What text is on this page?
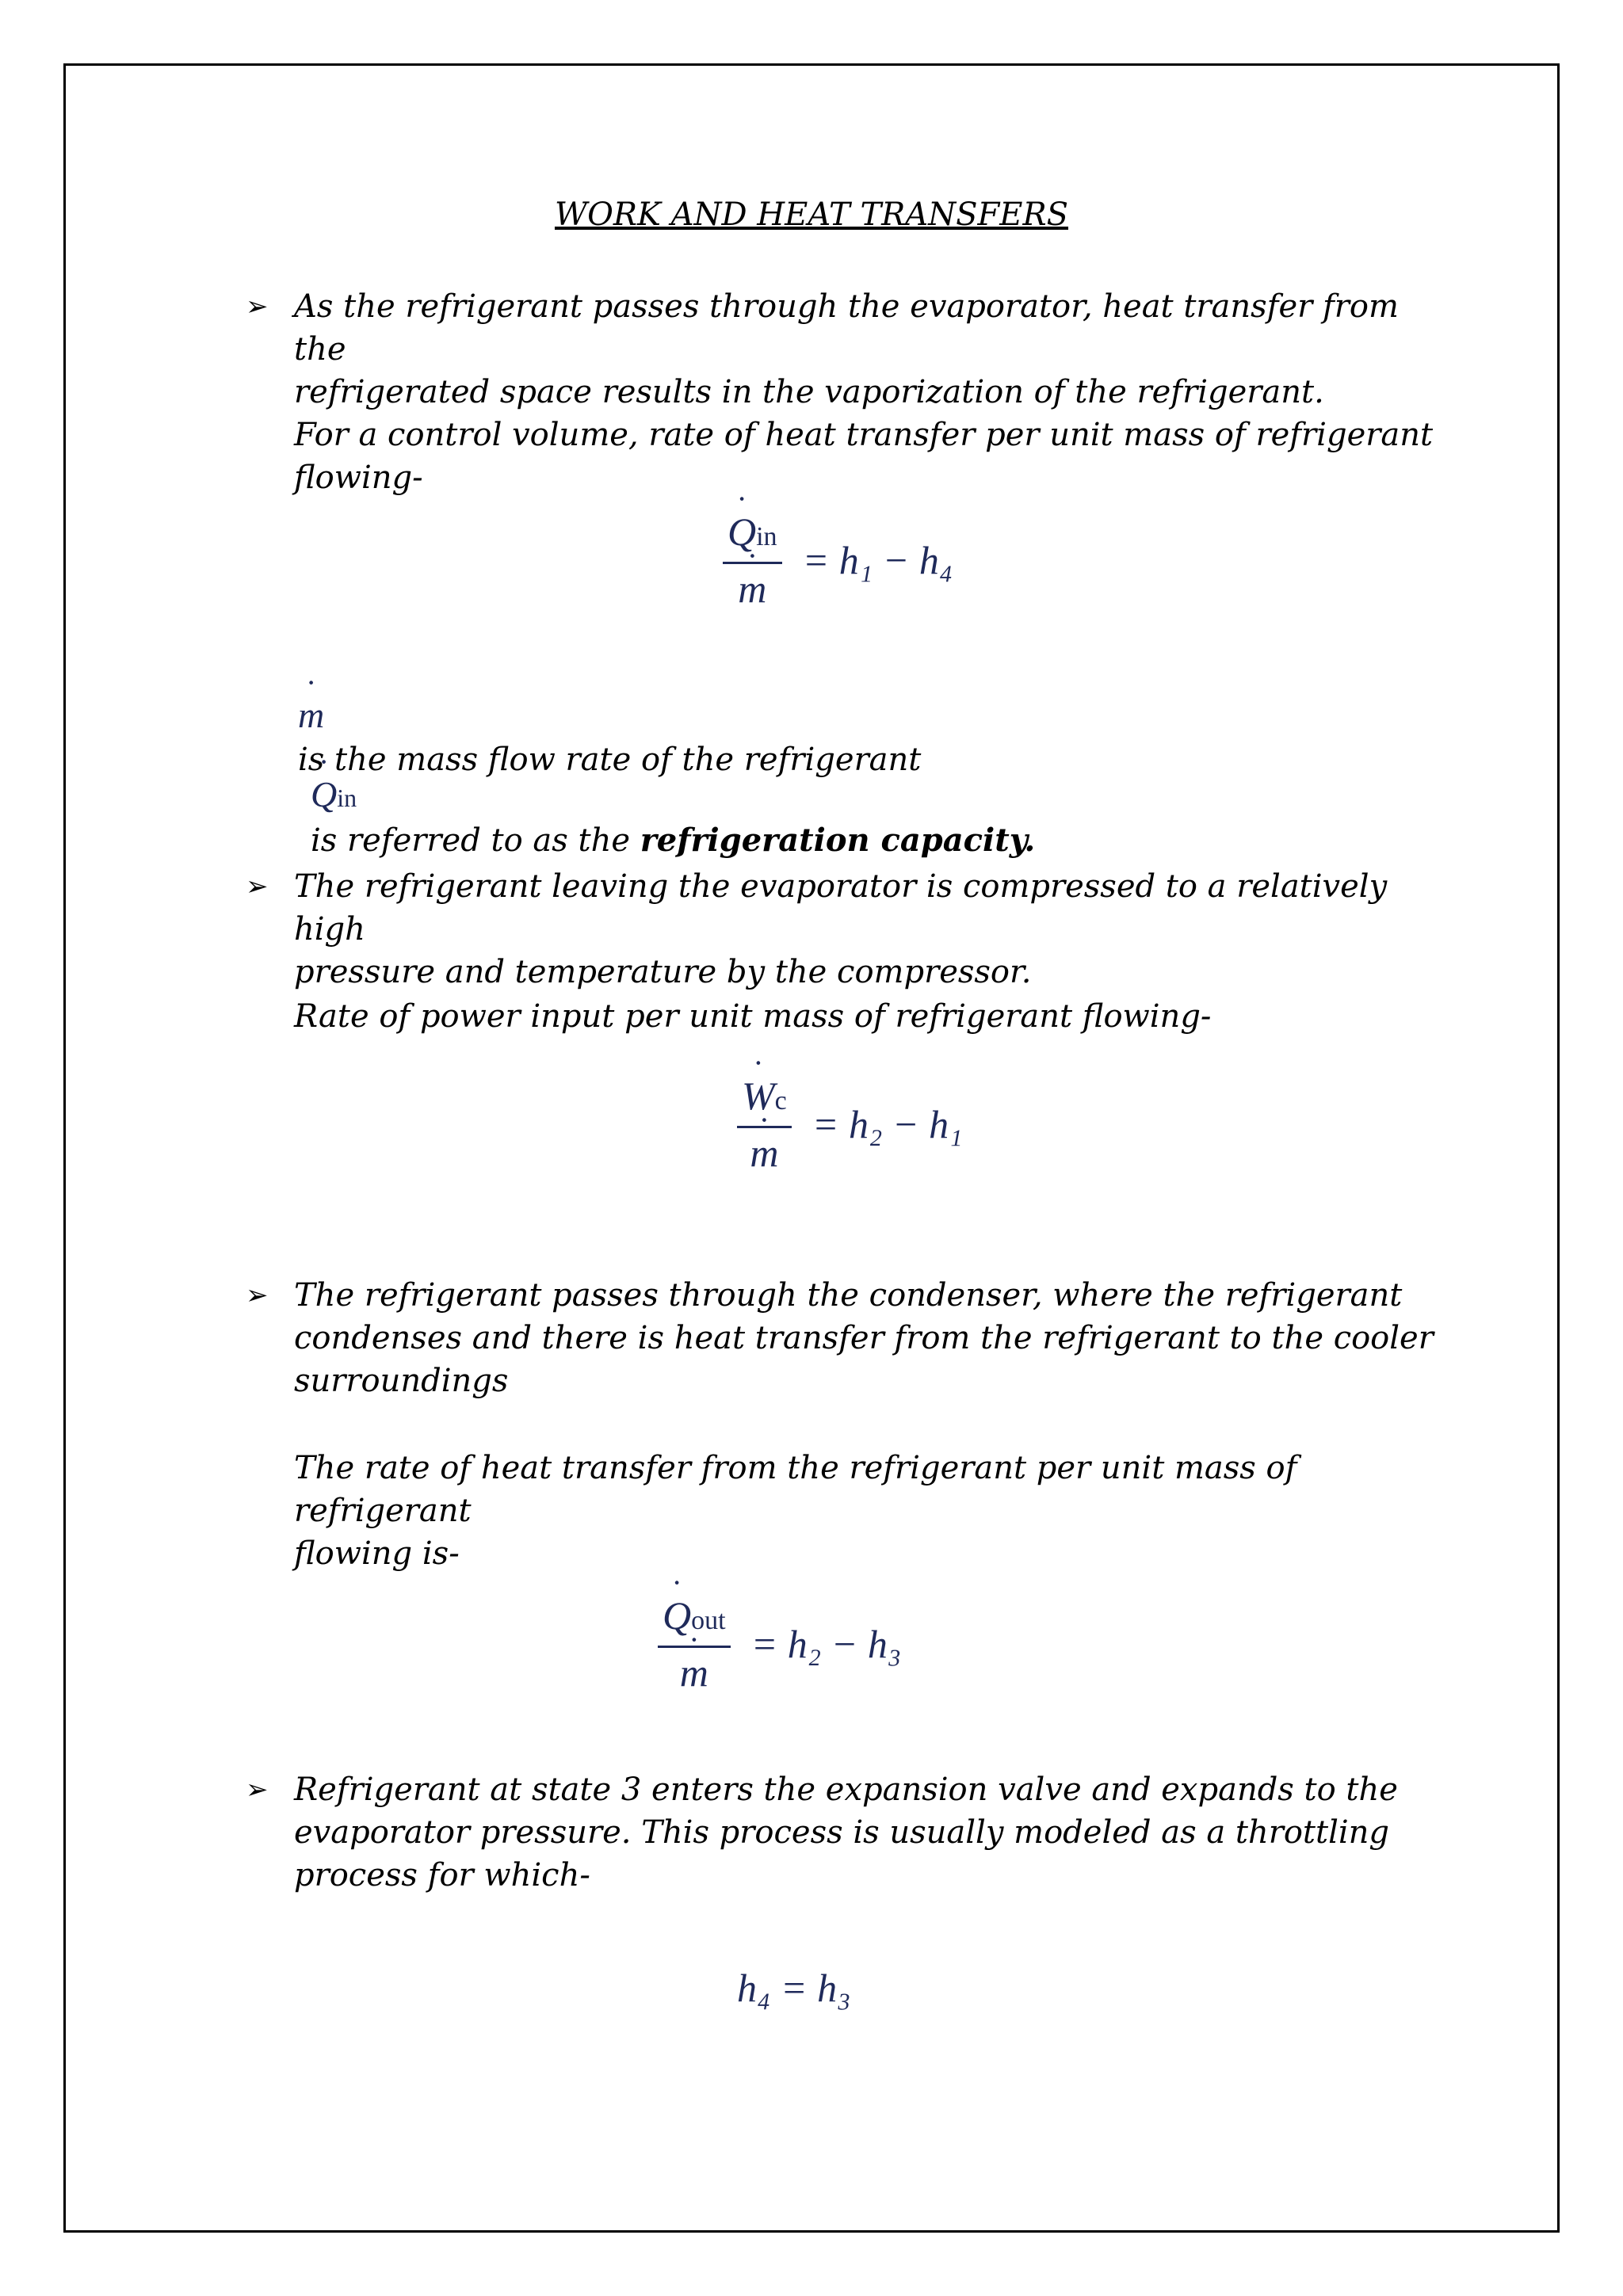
WORK AND HEAT TRANSFERS
➢ As the refrigerant passes through the evaporator, heat transfer from the
refrigerated space results in the vaporization of the refrigerant.
For a control volume, rate of heat transfer per unit mass of refrigerant
flowing-
˙ Qin
˙ m = h₁ − h₄

˙ m
is the mass flow rate of the refrigerant

˙ Qin
is referred to as the refrigeration capacity.

➢ The refrigerant leaving the evaporator is compressed to a relatively high
pressure and temperature by the compressor.
Rate of power input per unit mass of refrigerant flowing-
˙ Wc
˙ m = h₂ − h₁
➢ The refrigerant passes through the condenser, where the refrigerant
condenses and there is heat transfer from the refrigerant to the cooler
surroundings
The rate of heat transfer from the refrigerant per unit mass of refrigerant
flowing is-
˙ Qout
˙ m = h₂ − h₃
➢ Refrigerant at state 3 enters the expansion valve and expands to the
evaporator pressure. This process is usually modeled as a throttling
process for which-
h₄ = h₃
